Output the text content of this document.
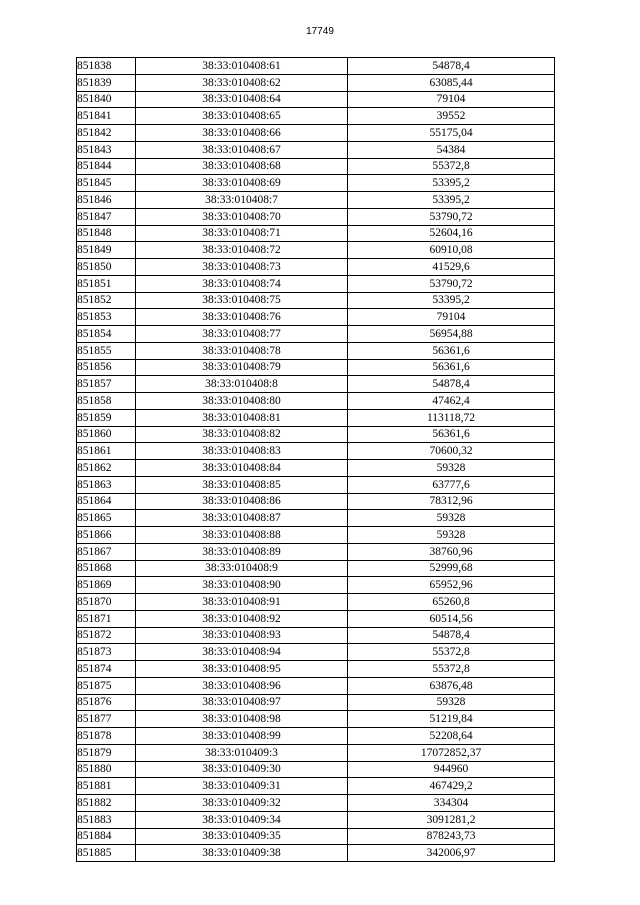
17749
851838	38:33:010408:61	54878,4
851839	38:33:010408:62	63085,44
851840	38:33:010408:64	79104
851841	38:33:010408:65	39552
851842	38:33:010408:66	55175,04
851843	38:33:010408:67	54384
851844	38:33:010408:68	55372,8
851845	38:33:010408:69	53395,2
851846	38:33:010408:7	53395,2
851847	38:33:010408:70	53790,72
851848	38:33:010408:71	52604,16
851849	38:33:010408:72	60910,08
851850	38:33:010408:73	41529,6
851851	38:33:010408:74	53790,72
851852	38:33:010408:75	53395,2
851853	38:33:010408:76	79104
851854	38:33:010408:77	56954,88
851855	38:33:010408:78	56361,6
851856	38:33:010408:79	56361,6
851857	38:33:010408:8	54878,4
851858	38:33:010408:80	47462,4
851859	38:33:010408:81	113118,72
851860	38:33:010408:82	56361,6
851861	38:33:010408:83	70600,32
851862	38:33:010408:84	59328
851863	38:33:010408:85	63777,6
851864	38:33:010408:86	78312,96
851865	38:33:010408:87	59328
851866	38:33:010408:88	59328
851867	38:33:010408:89	38760,96
851868	38:33:010408:9	52999,68
851869	38:33:010408:90	65952,96
851870	38:33:010408:91	65260,8
851871	38:33:010408:92	60514,56
851872	38:33:010408:93	54878,4
851873	38:33:010408:94	55372,8
851874	38:33:010408:95	55372,8
851875	38:33:010408:96	63876,48
851876	38:33:010408:97	59328
851877	38:33:010408:98	51219,84
851878	38:33:010408:99	52208,64
851879	38:33:010409:3	17072852,37
851880	38:33:010409:30	944960
851881	38:33:010409:31	467429,2
851882	38:33:010409:32	334304
851883	38:33:010409:34	3091281,2
851884	38:33:010409:35	878243,73
851885	38:33:010409:38	342006,97
